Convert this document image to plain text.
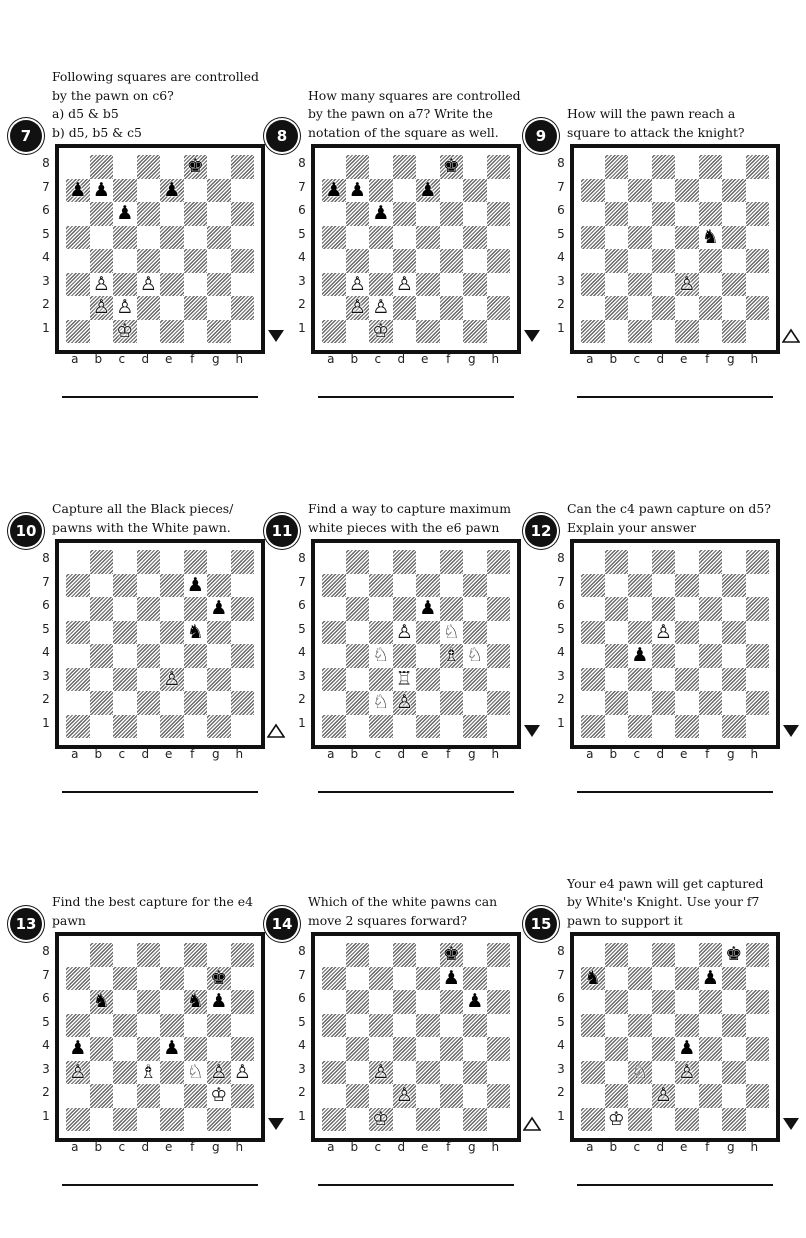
Following squares are controlled
by the pawn on c6?
a) d5 & b5
b) d5, b5 & c5

7
8
7
6
5
4
3
2
1
♚
♟ ♟	♟
♟
♙ ♙
♙ ♙
♔
a	b	c	d	e	f	g	h

How many squares are controlled
by the pawn on a7? Write the
notation of the square as well.

8
8
7
6
5
4
3
2
1
♚
♟ ♟	♟
♟
♙ ♙
♙ ♙
♔
a	b	c	d	e	f	g	h

How will the pawn reach a
square to attack the knight?

9
8
7
6
5
4
3
2
1
♞
♙
a	b	c	d	e	f	g	h

Capture all the Black pieces/
pawns with the White pawn.

10
8
7
6
5
4
3
2
1
♟
♟
♞
♙
a	b	c	d	e	f	g	h

Find a way to capture maximum
white pieces with the e6 pawn

11
8
7
6
5
4
3
2
1
♟
♙ ♘
♘	♗ ♘
♖
♘ ♙
a	b	c	d	e	f	g	h

Can the c4 pawn capture on d5?
Explain your answer

12
8
7
6
5
4
3
2
1
♙
♟
a	b	c	d	e	f	g	h

Find the best capture for the e4
pawn

13
8
7
6
5
4
3
2
1
♚
♞	♞ ♟
♟	♟
♙	♗ ♘ ♙ ♙
♔
a	b	c	d	e	f	g	h

Which of the white pawns can
move 2 squares forward?

14
8
7
6
5
4
3
2
1
♚
♟
♟
♙
♙
♔
a	b	c	d	e	f	g	h

Your e4 pawn will get captured
by White's Knight. Use your f7
pawn to support it

15
8
7
6
5
4
3
2
1
♚
♞	♟
♟
♘ ♙
♙
♔
a	b	c	d	e	f	g	h
